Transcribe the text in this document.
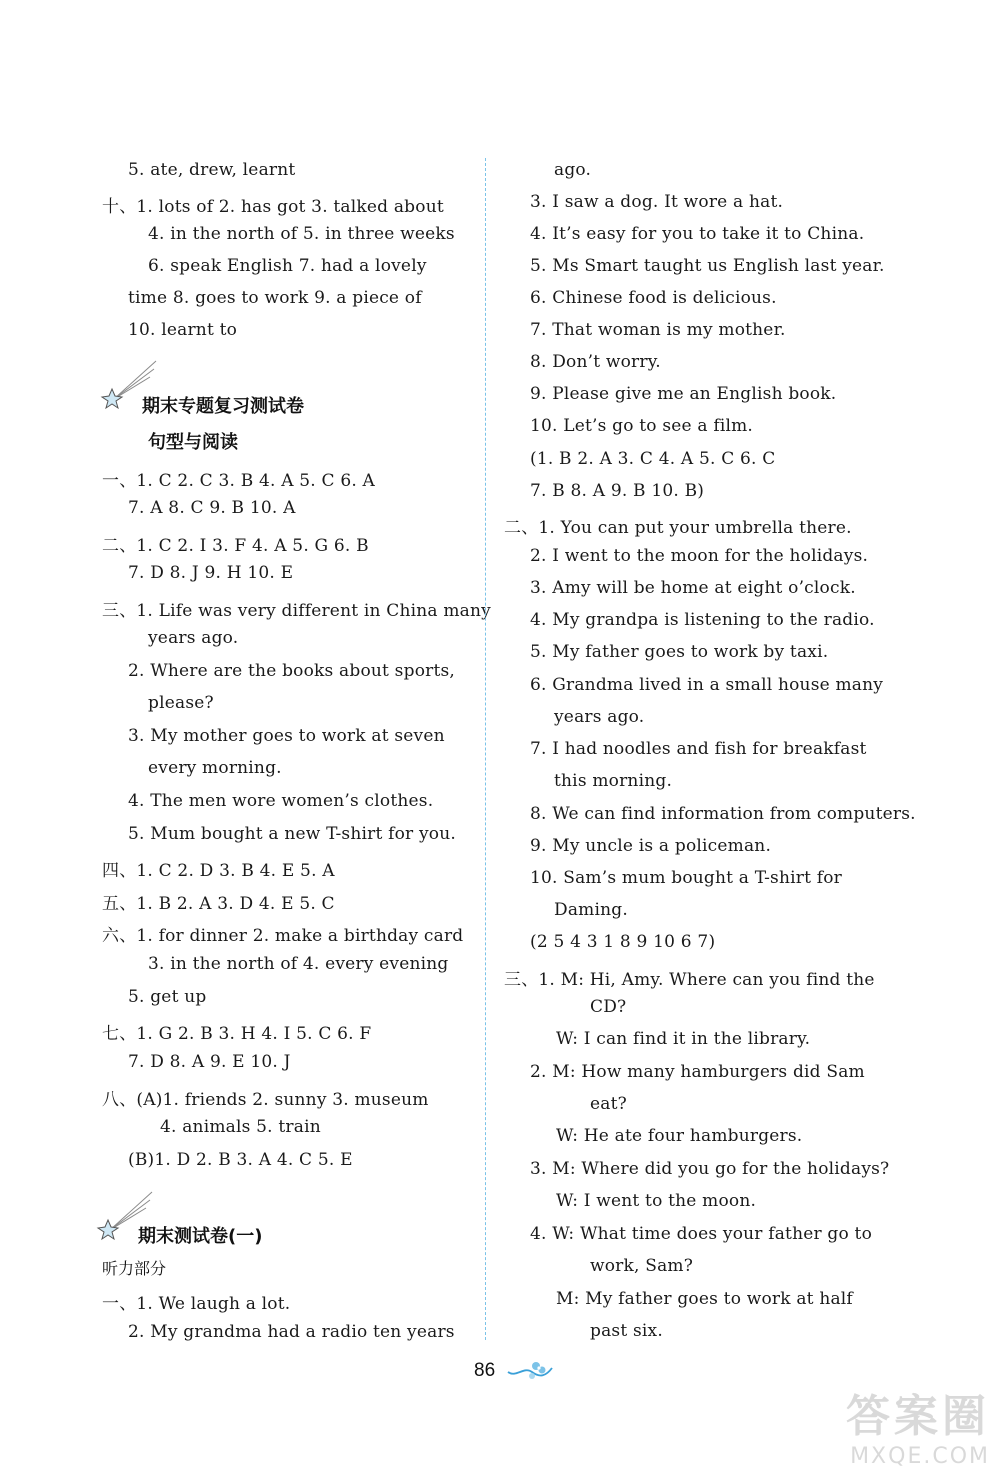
5. ate, drew, learnt
十、1. lots of 2. has got 3. talked about
4. in the north of 5. in three weeks
6. speak English 7. had a lovely
time 8. goes to work 9. a piece of
10. learnt to
期末专题复习测试卷
句型与阅读
一、1. C 2. C 3. B 4. A 5. C 6. A
7. A 8. C 9. B 10. A
二、1. C 2. I 3. F 4. A 5. G 6. B
7. D 8. J 9. H 10. E
三、1. Life was very different in China many
years ago.
2. Where are the books about sports,
please?
3. My mother goes to work at seven
every morning.
4. The men wore women’s clothes.
5. Mum bought a new T-shirt for you.
四、1. C 2. D 3. B 4. E 5. A
五、1. B 2. A 3. D 4. E 5. C
六、1. for dinner 2. make a birthday card
3. in the north of 4. every evening
5. get up
七、1. G 2. B 3. H 4. I 5. C 6. F
7. D 8. A 9. E 10. J
八、(A)1. friends 2. sunny 3. museum
4. animals 5. train
(B)1. D 2. B 3. A 4. C 5. E
期末测试卷(一)
听力部分
一、1. We laugh a lot.
2. My grandma had a radio ten years
ago.
3. I saw a dog. It wore a hat.
4. It’s easy for you to take it to China.
5. Ms Smart taught us English last year.
6. Chinese food is delicious.
7. That woman is my mother.
8. Don’t worry.
9. Please give me an English book.
10. Let’s go to see a film.
(1. B 2. A 3. C 4. A 5. C 6. C
7. B 8. A 9. B 10. B)
二、1. You can put your umbrella there.
2. I went to the moon for the holidays.
3. Amy will be home at eight o’clock.
4. My grandpa is listening to the radio.
5. My father goes to work by taxi.
6. Grandma lived in a small house many
years ago.
7. I had noodles and fish for breakfast
this morning.
8. We can find information from computers.
9. My uncle is a policeman.
10. Sam’s mum bought a T-shirt for
Daming.
(2 5 4 3 1 8 9 10 6 7)
三、1. M: Hi, Amy. Where can you find the
CD?
W: I can find it in the library.
2. M: How many hamburgers did Sam
eat?
W: He ate four hamburgers.
3. M: Where did you go for the holidays?
W: I went to the moon.
4. W: What time does your father go to
work, Sam?
M: My father goes to work at half
past six.
86
答案圈
MXQE.COM
